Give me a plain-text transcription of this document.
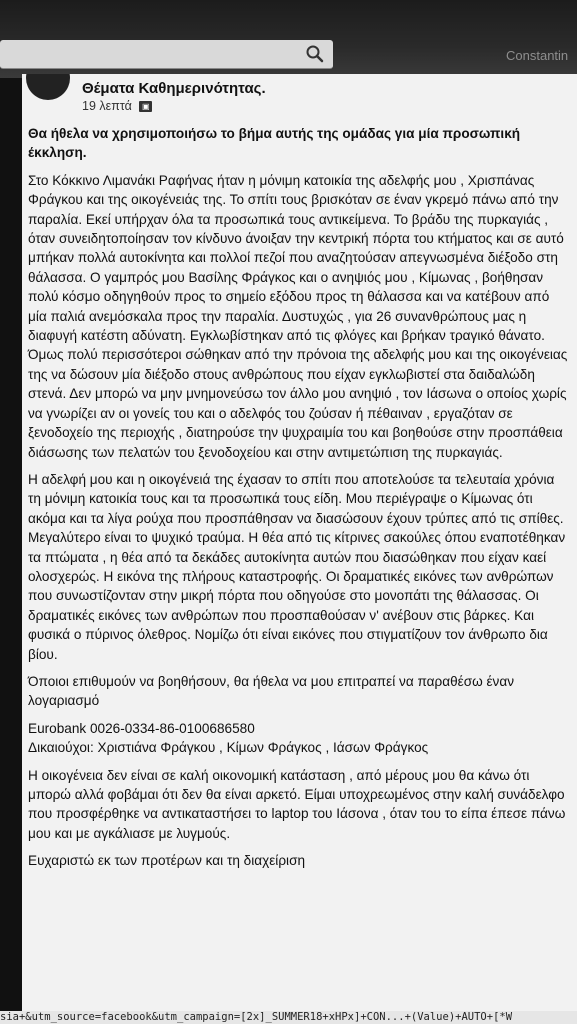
Constantin
Θέματα Καθημερινότητας.
19 λεπτά ▣

Θα ήθελα να χρησιμοποιήσω το βήμα αυτής της ομάδας για μία προσωπική έκκληση.

Στο Κόκκινο Λιμανάκι Ραφήνας ήταν η μόνιμη κατοικία της αδελφής μου , Χρισπάνας Φράγκου και της οικογένειάς της. Το σπίτι τους βρισκόταν σε έναν γκρεμό πάνω από την παραλία. Εκεί υπήρχαν όλα τα προσωπικά τους αντικείμενα. Το βράδυ της πυρκαγιάς , όταν συνειδητοποίησαν τον κίνδυνο άνοιξαν την κεντρική πόρτα του κτήματος και σε αυτό μπήκαν πολλά αυτοκίνητα και πολλοί πεζοί που αναζητούσαν απεγνωσμένα διέξοδο στη θάλασσα. Ο γαμπρός μου Βασίλης Φράγκος και ο ανηψιός μου , Κίμωνας , βοήθησαν πολύ κόσμο οδηγηθούν προς το σημείο εξόδου προς τη θάλασσα και να κατέβουν από μία παλιά ανεμόσκαλα προς την παραλία. Δυστυχώς , για 26 συνανθρώπους μας η διαφυγή κατέστη αδύνατη. Εγκλωβίστηκαν από τις φλόγες και βρήκαν τραγικό θάνατο. Όμως πολύ περισσότεροι σώθηκαν από την πρόνοια της αδελφής μου και της οικογένειας της να δώσουν μία διέξοδο στους ανθρώπους που είχαν εγκλωβιστεί στα δαιδαλώδη στενά. Δεν μπορώ να μην μνημονεύσω τον άλλο μου ανηψιό , τον Ιάσωνα ο οποίος χωρίς να γνωρίζει αν οι γονείς του και ο αδελφός του ζούσαν ή πέθαιναν , εργαζόταν σε ξενοδοχείο της περιοχής , διατηρούσε την ψυχραιμία του και βοηθούσε στην προσπάθεια διάσωσης των πελατών του ξενοδοχείου και στην αντιμετώπιση της πυρκαγιάς.

Η αδελφή μου και η οικογένειά της έχασαν το σπίτι που αποτελούσε τα τελευταία χρόνια τη μόνιμη κατοικία τους και τα προσωπικά τους είδη. Μου περιέγραψε ο Κίμωνας ότι ακόμα και τα λίγα ρούχα που προσπάθησαν να διασώσουν έχουν τρύπες από τις σπίθες. Μεγαλύτερο είναι το ψυχικό τραύμα. Η θέα από τις κίτρινες σακούλες όπου εναποτέθηκαν τα πτώματα , η θέα από τα δεκάδες αυτοκίνητα αυτών που διασώθηκαν που είχαν καεί ολοσχερώς. Η εικόνα της πλήρους καταστροφής. Οι δραματικές εικόνες των ανθρώπων που συνωστίζονταν στην μικρή πόρτα που οδηγούσε στο μονοπάτι της θάλασσας. Οι δραματικές εικόνες των ανθρώπων που προσπαθούσαν ν' ανέβουν στις βάρκες. Και φυσικά ο πύρινος όλεθρος. Νομίζω ότι είναι εικόνες που στιγματίζουν τον άνθρωπο δια βίου.

Όποιοι επιθυμούν να βοηθήσουν, θα ήθελα να μου επιτραπεί να παραθέσω έναν λογαριασμό

Eurobank 0026-0334-86-0100686580

Δικαιούχοι: Χριστιάνα Φράγκου , Κίμων Φράγκος , Ιάσων Φράγκος

Η οικογένεια δεν είναι σε καλή οικονομική κατάσταση , από μέρους μου θα κάνω ότι μπορώ αλλά φοβάμαι ότι δεν θα είναι αρκετό. Είμαι υποχρεωμένος στην καλή συνάδελφο που προσφέρθηκε να αντικαταστήσει το laptop του Ιάσονα , όταν του το είπα έπεσε πάνω μου και με αγκάλιασε με λυγμούς.

Ευχαριστώ εκ των προτέρων και τη διαχείριση

sia+&utm_source=facebook&utm_campaign=[2x]_SUMMER18+xHPx]+CON...+(Value)+AUTO+[*W
